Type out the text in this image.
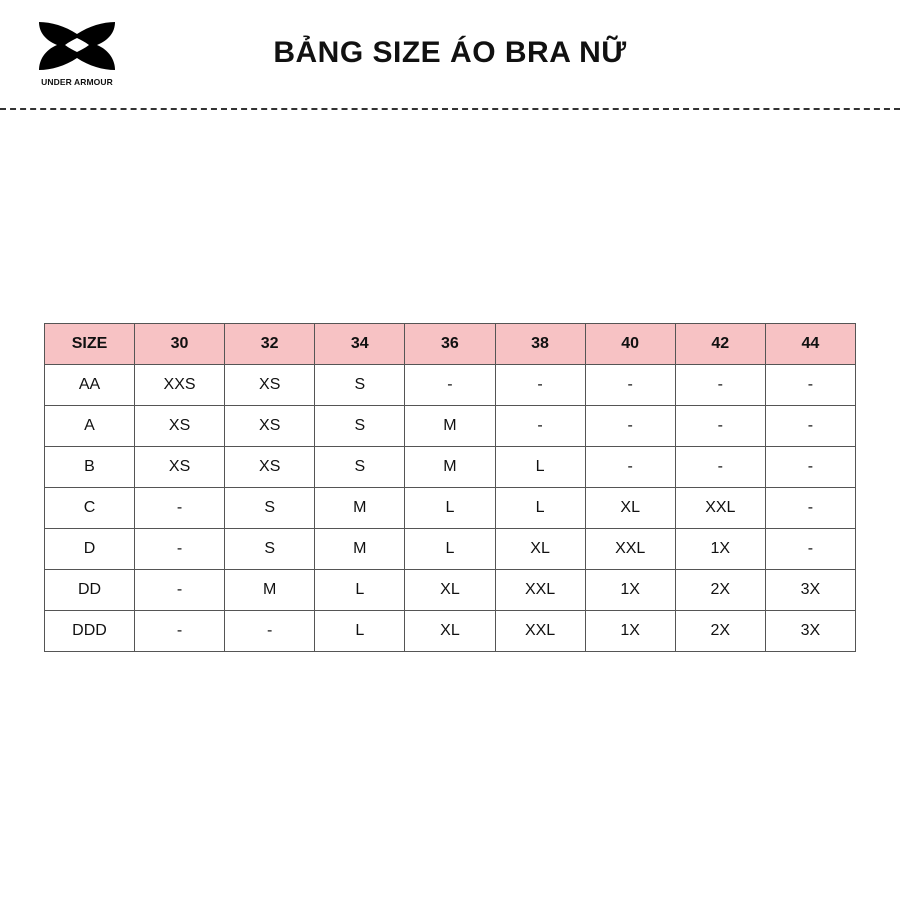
UNDER ARMOUR
BẢNG SIZE ÁO BRA NỮ
SIZE	30	32	34	36	38	40	42	44
AA	XXS	XS	S	-	-	-	-	-
A	XS	XS	S	M	-	-	-	-
B	XS	XS	S	M	L	-	-	-
C	-	S	M	L	L	XL	XXL	-
D	-	S	M	L	XL	XXL	1X	-
DD	-	M	L	XL	XXL	1X	2X	3X
DDD	-	-	L	XL	XXL	1X	2X	3X
